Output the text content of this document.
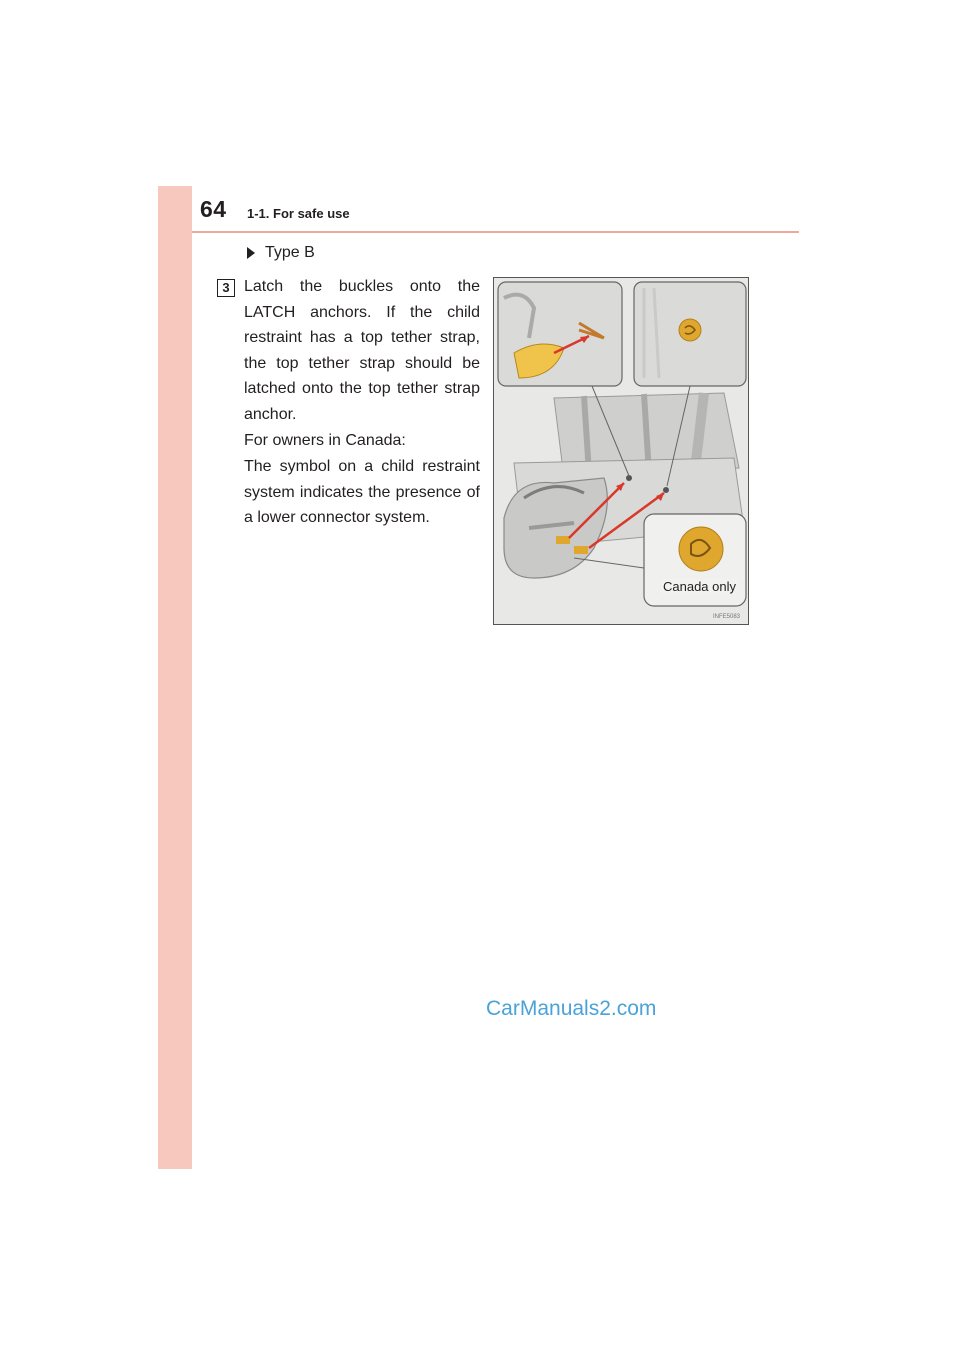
64 1-1. For safe use
Type B
3 Latch the buckles onto the LATCH anchors. If the child restraint has a top tether strap, the top tether strap should be latched onto the top tether strap anchor.
For owners in Canada:
The symbol on a child restraint system indicates the presence of a lower connector system.
Canada only
INFE5083
CarManuals2.com
